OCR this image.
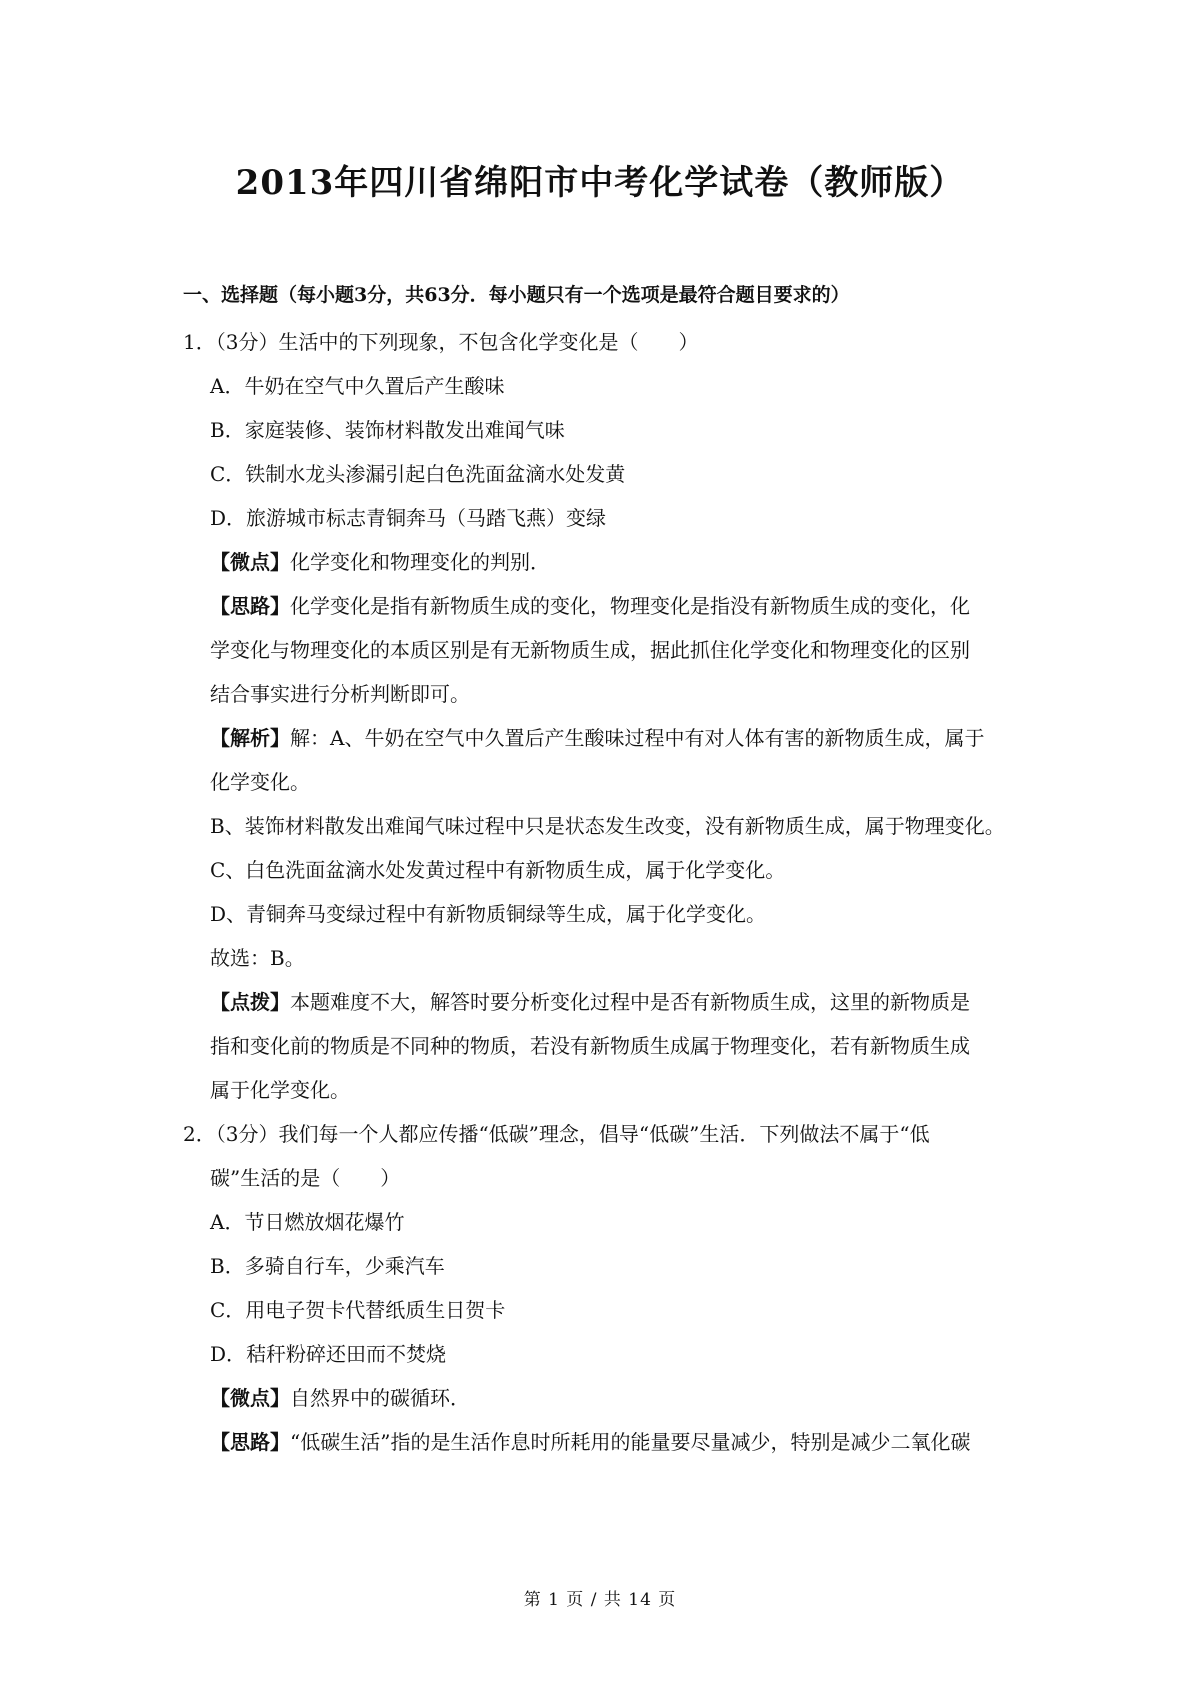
2013年四川省绵阳市中考化学试卷（教师版）
一、选择题（每小题3分，共63分．每小题只有一个选项是最符合题目要求的）
1．（3分）生活中的下列现象，不包含化学变化是（　　）
A．牛奶在空气中久置后产生酸味
B．家庭装修、装饰材料散发出难闻气味
C．铁制水龙头渗漏引起白色洗面盆滴水处发黄
D．旅游城市标志青铜奔马（马踏飞燕）变绿
【微点】化学变化和物理变化的判别．
【思路】化学变化是指有新物质生成的变化，物理变化是指没有新物质生成的变化，化
学变化与物理变化的本质区别是有无新物质生成，据此抓住化学变化和物理变化的区别
结合事实进行分析判断即可。
【解析】解：A、牛奶在空气中久置后产生酸味过程中有对人体有害的新物质生成，属于
化学变化。
B、装饰材料散发出难闻气味过程中只是状态发生改变，没有新物质生成，属于物理变化。
C、白色洗面盆滴水处发黄过程中有新物质生成，属于化学变化。
D、青铜奔马变绿过程中有新物质铜绿等生成，属于化学变化。
故选：B。
【点拨】本题难度不大，解答时要分析变化过程中是否有新物质生成，这里的新物质是
指和变化前的物质是不同种的物质，若没有新物质生成属于物理变化，若有新物质生成
属于化学变化。
2．（3分）我们每一个人都应传播“低碳”理念，倡导“低碳”生活．下列做法不属于“低
碳”生活的是（　　）
A．节日燃放烟花爆竹
B．多骑自行车，少乘汽车
C．用电子贺卡代替纸质生日贺卡
D．秸秆粉碎还田而不焚烧
【微点】自然界中的碳循环．
【思路】“低碳生活”指的是生活作息时所耗用的能量要尽量减少，特别是减少二氧化碳
第 1 页 / 共 14 页
